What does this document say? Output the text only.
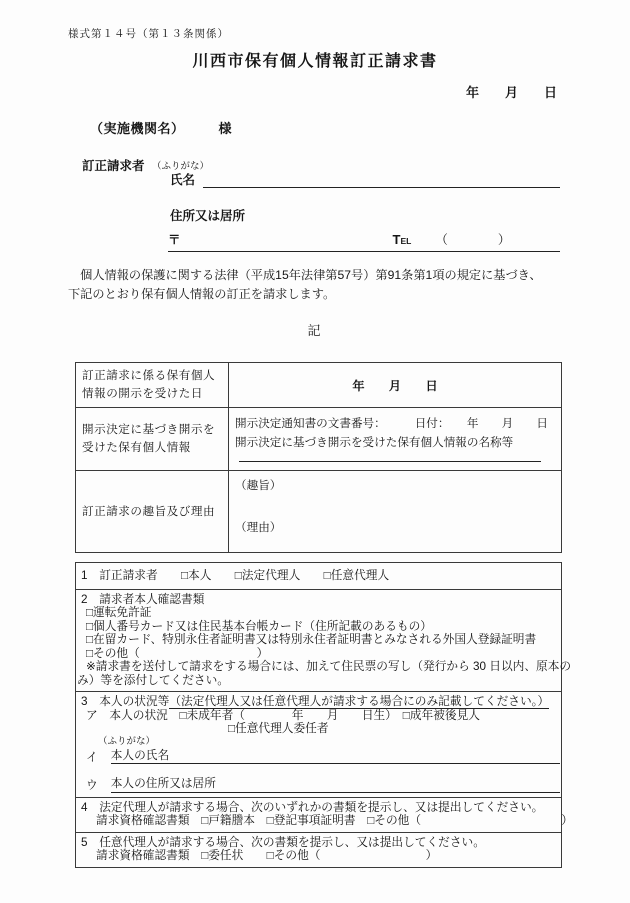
様式第１４号（第１３条関係）
川西市保有個人情報訂正請求書
年　　月　　日
（実施機関名）　　　様
訂正請求者 （ふりがな）
氏名
住所又は居所
〒	TEL （　　　　）
　個人情報の保護に関する法律（平成15年法律第57号）第91条第1項の規定に基づき、
下記のとおり保有個人情報の訂正を請求します。
記
訂正請求に係る保有個人情報の開示を受けた日
年　　月　　日
開示決定に基づき開示を受けた保有個人情報
開示決定通知書の文書番号：　　　日付：　　年　　月　　日
開示決定に基づき開示を受けた保有個人情報の名称等
訂正請求の趣旨及び理由
（趣旨）
（理由）
1　訂正請求者　　□本人　　□法定代理人　　□任意代理人
2　請求者本人確認書類
□運転免許証
□個人番号カード又は住民基本台帳カード（住所記載のあるもの）
□在留カード、特別永住者証明書又は特別永住者証明書とみなされる外国人登録証明書
□その他（　　　　　　　　　　）
※請求書を送付して請求をする場合には、加えて住民票の写し（発行から 30 日以内、原本の
み）等を添付してください。
3　本人の状況等（法定代理人又は任意代理人が請求する場合にのみ記載してください。）
ア　本人の状況　□未成年者（　　　　年　　月　　日生）　□成年被後見人
□任意代理人委任者
（ふりがな）
イ 本人の氏名
ウ 本人の住所又は居所
4　法定代理人が請求する場合、次のいずれかの書類を提示し、又は提出してください。
請求資格確認書類　□戸籍謄本　□登記事項証明書　□その他（　　　　　　　　　　　　）
5　任意代理人が請求する場合、次の書類を提示し、又は提出してください。
請求資格確認書類　□委任状　　□その他（　　　　　　　　　）
